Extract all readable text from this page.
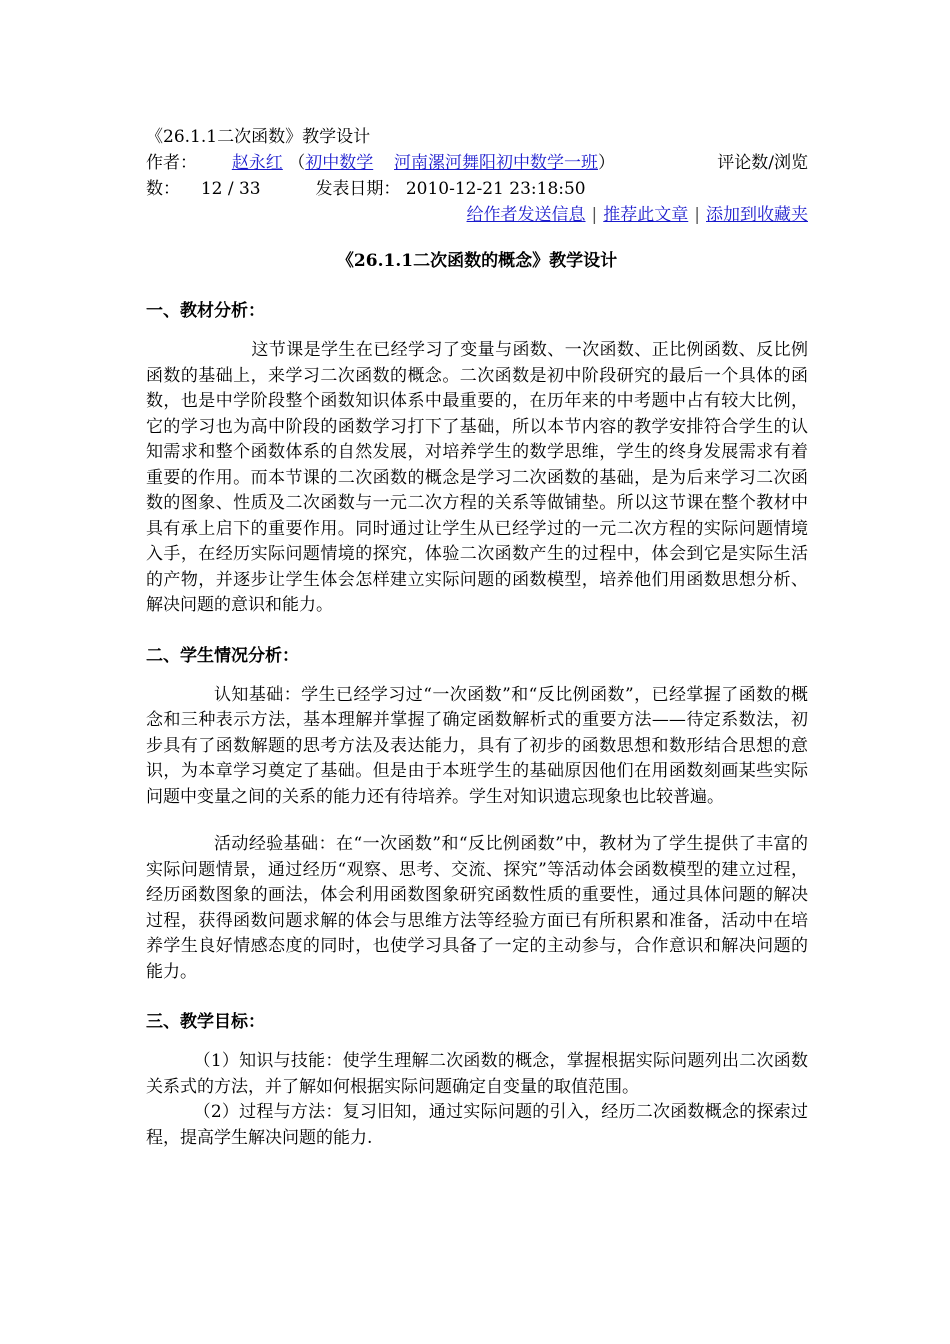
《26.1.1二次函数》教学设计
作者： 赵永红 （初中数学 河南漯河舞阳初中数学一班）	评论数/浏览
数： 12 / 33	发表日期： 2010-12-21 23:18:50
给作者发送信息 | 推荐此文章 | 添加到收藏夹
《26.1.1二次函数的概念》教学设计
一、教材分析：

这节课是学生在已经学习了变量与函数、一次函数、正比例函数、反比例函数的基础上，来学习二次函数的概念。二次函数是初中阶段研究的最后一个具体的函数，也是中学阶段整个函数知识体系中最重要的，在历年来的中考题中占有较大比例，它的学习也为高中阶段的函数学习打下了基础，所以本节内容的教学安排符合学生的认知需求和整个函数体系的自然发展，对培养学生的数学思维，学生的终身发展需求有着重要的作用。而本节课的二次函数的概念是学习二次函数的基础，是为后来学习二次函数的图象、性质及二次函数与一元二次方程的关系等做铺垫。所以这节课在整个教材中具有承上启下的重要作用。同时通过让学生从已经学过的一元二次方程的实际问题情境入手，在经历实际问题情境的探究，体验二次函数产生的过程中，体会到它是实际生活的产物，并逐步让学生体会怎样建立实际问题的函数模型，培养他们用函数思想分析、解决问题的意识和能力。

二、学生情况分析：

认知基础：学生已经学习过“一次函数”和“反比例函数”，已经掌握了函数的概念和三种表示方法，基本理解并掌握了确定函数解析式的重要方法——待定系数法，初步具有了函数解题的思考方法及表达能力，具有了初步的函数思想和数形结合思想的意识，为本章学习奠定了基础。但是由于本班学生的基础原因他们在用函数刻画某些实际问题中变量之间的关系的能力还有待培养。学生对知识遗忘现象也比较普遍。

活动经验基础：在“一次函数”和“反比例函数”中，教材为了学生提供了丰富的实际问题情景，通过经历“观察、思考、交流、探究”等活动体会函数模型的建立过程，经历函数图象的画法，体会利用函数图象研究函数性质的重要性，通过具体问题的解决过程，获得函数问题求解的体会与思维方法等经验方面已有所积累和准备，活动中在培养学生良好情感态度的同时，也使学习具备了一定的主动参与，合作意识和解决问题的能力。

三、教学目标：

（1）知识与技能：使学生理解二次函数的概念，掌握根据实际问题列出二次函数关系式的方法，并了解如何根据实际问题确定自变量的取值范围。

（2）过程与方法：复习旧知，通过实际问题的引入，经历二次函数概念的探索过程，提高学生解决问题的能力.
